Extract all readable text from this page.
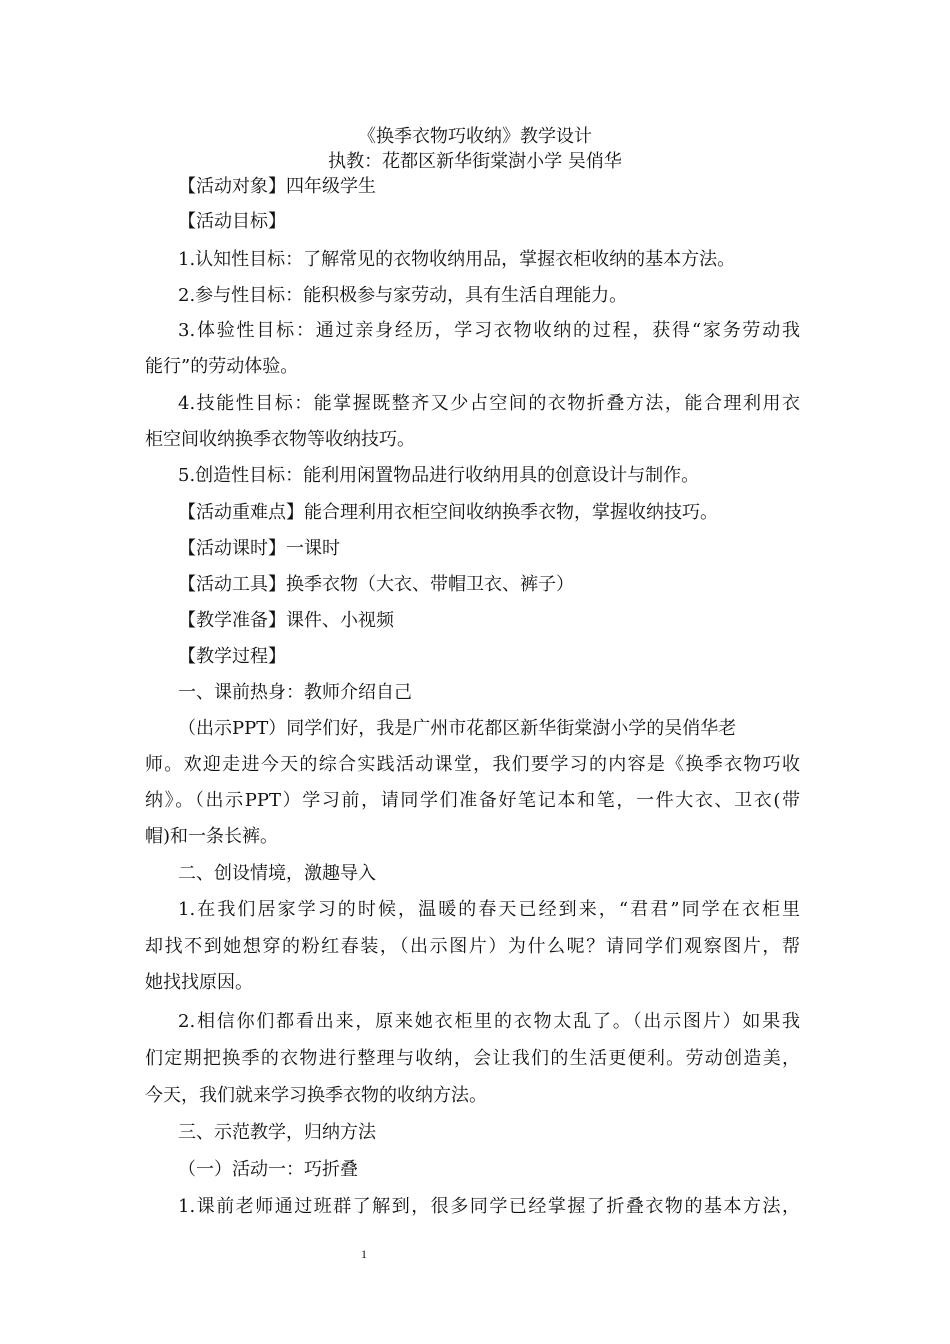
《换季衣物巧收纳》教学设计
执教：花都区新华街棠澍小学 吴俏华
【活动对象】四年级学生
【活动目标】
1.认知性目标：了解常见的衣物收纳用品，掌握衣柜收纳的基本方法。
2.参与性目标：能积极参与家劳动，具有生活自理能力。
3.体验性目标：通过亲身经历，学习衣物收纳的过程，获得“家务劳动我
能行”的劳动体验。
4.技能性目标：能掌握既整齐又少占空间的衣物折叠方法，能合理利用衣
柜空间收纳换季衣物等收纳技巧。
5.创造性目标：能利用闲置物品进行收纳用具的创意设计与制作。
【活动重难点】能合理利用衣柜空间收纳换季衣物，掌握收纳技巧。
【活动课时】一课时
【活动工具】换季衣物（大衣、带帽卫衣、裤子）
【教学准备】课件、小视频
【教学过程】
一、课前热身：教师介绍自己
（出示PPT）同学们好，我是广州市花都区新华街棠澍小学的吴俏华老
师。欢迎走进今天的综合实践活动课堂，我们要学习的内容是《换季衣物巧收
纳》。（出示PPT）学习前，请同学们准备好笔记本和笔，一件大衣、卫衣(带
帽)和一条长裤。
二、创设情境，激趣导入
1.在我们居家学习的时候，温暖的春天已经到来，“君君”同学在衣柜里
却找不到她想穿的粉红春装，（出示图片）为什么呢？请同学们观察图片，帮
她找找原因。
2.相信你们都看出来，原来她衣柜里的衣物太乱了。（出示图片）如果我
们定期把换季的衣物进行整理与收纳，会让我们的生活更便利。劳动创造美，
今天，我们就来学习换季衣物的收纳方法。
三、示范教学，归纳方法
（一）活动一：巧折叠
1.课前老师通过班群了解到，很多同学已经掌握了折叠衣物的基本方法，
1
